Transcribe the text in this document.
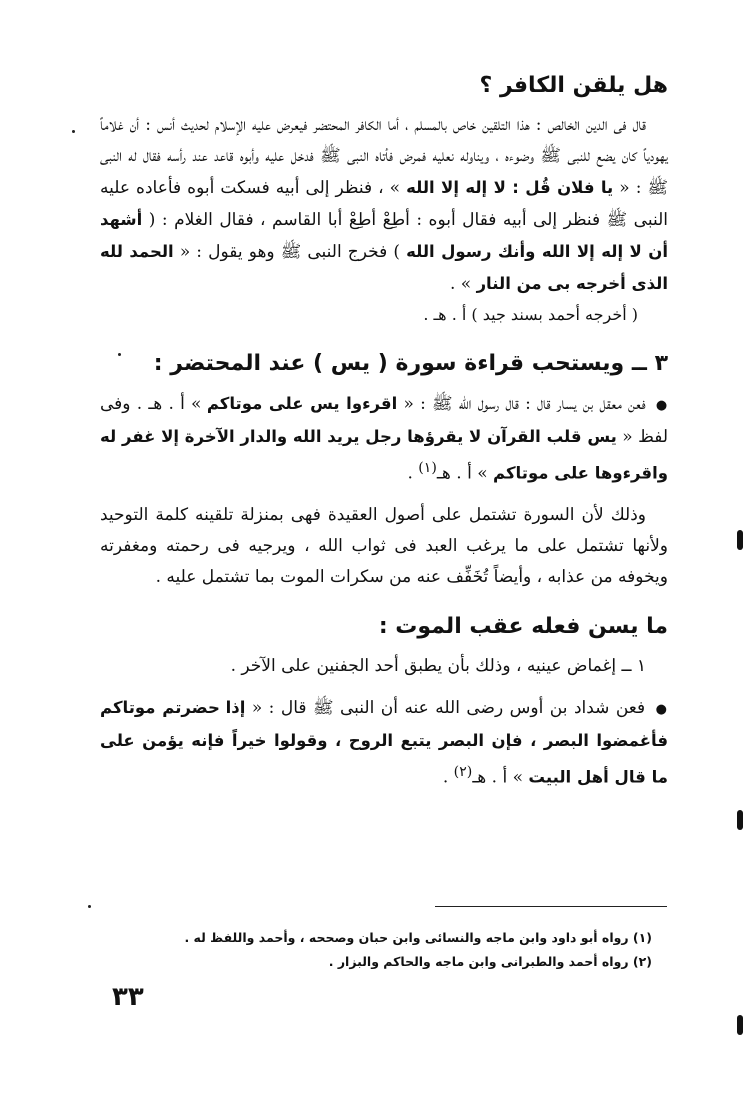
هل يلقن الكافر ؟

قال فى الدين الخالص : هذا التلقين خاص بالمسلم ، أما الكافر المحتضر فيعرض عليه الإسلام لحديث أنس : أن غلاماً يهودياً كان يضع للنبى ﷺ وضوءه ، ويناوله نعليه فمرض فأتاه النبى ﷺ فدخل عليه وأبوه قاعد عند رأسه فقال له النبى ﷺ : « يا فلان قُل : لا إله إلا الله » ، فنظر إلى أبيه فسكت أبوه فأعاده عليه النبى ﷺ فنظر إلى أبيه فقال أبوه : أطِعْ أطِعْ أبا القاسم ، فقال الغلام : ( أشهد أن لا إله إلا الله وأنك رسول الله ) فخرج النبى ﷺ وهو يقول : « الحمد لله الذى أخرجه بى من النار » .

( أخرجه أحمد بسند جيد ) أ . هـ .

٣ ــ ويستحب قراءة سورة ( يس ) عند المحتضر :

● فعن معقل بن يسار قال : قال رسول الله ﷺ : « اقرءوا يس على موتاكم » أ . هـ . وفى لفظ « يس قلب القرآن لا يقرؤها رجل يريد الله والدار الآخرة إلا غفر له واقرءوها على موتاكم » أ . هـ$^{(١)}$ .

وذلك لأن السورة تشتمل على أصول العقيدة فهى بمنزلة تلقينه كلمة التوحيد ولأنها تشتمل على ما يرغب العبد فى ثواب الله ، ويرجيه فى رحمته ومغفرته ويخوفه من عذابه ، وأيضاً تُخَفِّف عنه من سكرات الموت بما تشتمل عليه .

ما يسن فعله عقب الموت :

١ ــ إغماض عينيه ، وذلك بأن يطبق أحد الجفنين على الآخر .

● فعن شداد بن أوس رضى الله عنه أن النبى ﷺ قال : « إذا حضرتم موتاكم فأغمضوا البصر ، فإن البصر يتبع الروح ، وقولوا خيراً فإنه يؤمن على ما قال أهل البيت » أ . هـ$^{(٢)}$ .

(١) رواه أبو داود وابن ماجه والنسائى وابن حبان وصححه ، وأحمد واللفظ له .

(٢) رواه أحمد والطبرانى وابن ماجه والحاكم والبزار .

٣٣
